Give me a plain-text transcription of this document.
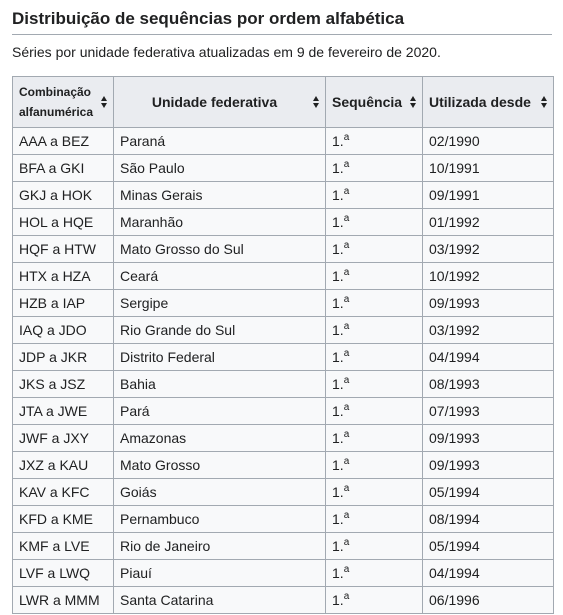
Distribuição de sequências por ordem alfabética

Séries por unidade federativa atualizadas em 9 de fevereiro de 2020.

Combinação
alfanumérica	Unidade federativa	Sequência	Utilizada desde

AAA a BEZ	Paraná	1.$^a$	02/1990
BFA a GKI	São Paulo	1.$^a$	10/1991
GKJ a HOK	Minas Gerais	1.$^a$	09/1991
HOL a HQE	Maranhão	1.$^a$	01/1992
HQF a HTW	Mato Grosso do Sul	1.$^a$	03/1992
HTX a HZA	Ceará	1.$^a$	10/1992
HZB a IAP	Sergipe	1.$^a$	09/1993
IAQ a JDO	Rio Grande do Sul	1.$^a$	03/1992
JDP a JKR	Distrito Federal	1.$^a$	04/1994
JKS a JSZ	Bahia	1.$^a$	08/1993
JTA a JWE	Pará	1.$^a$	07/1993
JWF a JXY	Amazonas	1.$^a$	09/1993
JXZ a KAU	Mato Grosso	1.$^a$	09/1993
KAV a KFC	Goiás	1.$^a$	05/1994
KFD a KME	Pernambuco	1.$^a$	08/1994
KMF a LVE	Rio de Janeiro	1.$^a$	05/1994
LVF a LWQ	Piauí	1.$^a$	04/1994
LWR a MMM	Santa Catarina	1.$^a$	06/1996
